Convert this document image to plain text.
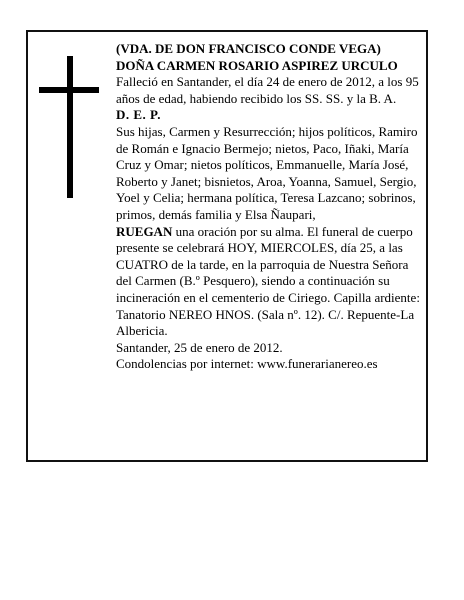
(VDA. DE DON FRANCISCO CONDE VEGA)

DOÑA CARMEN ROSARIO ASPIREZ URCULO

Falleció en Santander, el día 24 de enero de 2012, a los 95 años de edad, habiendo recibido los SS. SS. y la B. A.

D. E. P.

Sus hijas, Carmen y Resurrección; hijos políticos, Ramiro de Román e Ignacio Bermejo; nietos, Paco, Iñaki, María Cruz y Omar; nietos políticos, Emmanuelle, María José, Roberto y Janet; bisnietos, Aroa, Yoanna, Samuel, Sergio, Yoel y Celia; hermana política, Teresa Lazcano; sobrinos, primos, demás familia y Elsa Ñaupari,

RUEGAN una oración por su alma. El funeral de cuerpo presente se celebrará HOY, MIERCOLES, día 25, a las CUATRO de la tarde, en la parroquia de Nuestra Señora del Carmen (B.º Pesquero), siendo a continuación su incineración en el cementerio de Ciriego. Capilla ardiente: Tanatorio NEREO HNOS. (Sala nº. 12). C/. Repuente-La Albericia.

Santander, 25 de enero de 2012.

Condolencias por internet: www.funerarianereo.es
